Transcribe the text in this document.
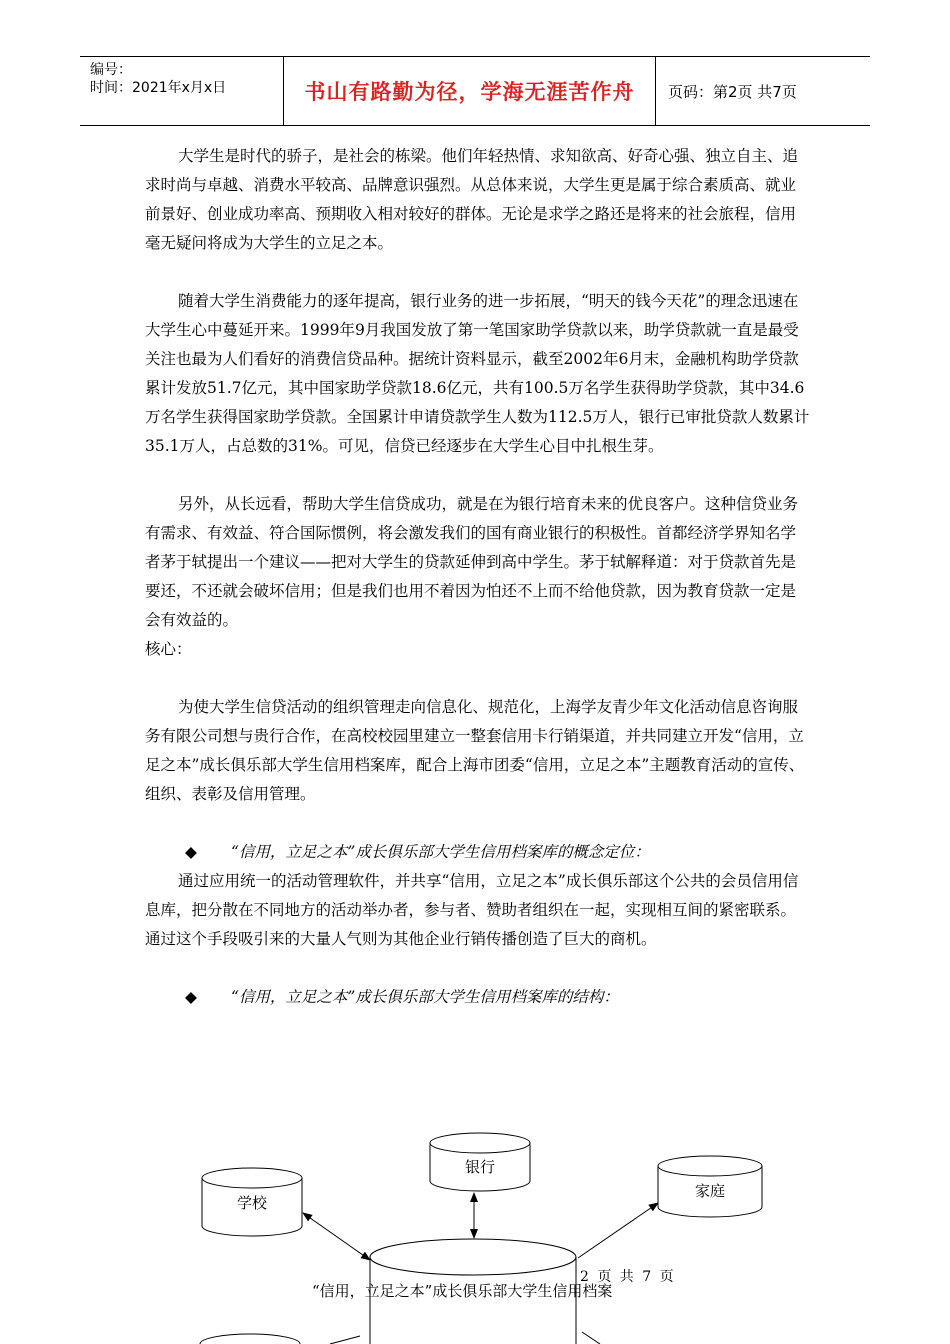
编号：
时间：2021年x月x日	书山有路勤为径，学海无涯苦作舟	页码：第2页 共7页

大学生是时代的骄子，是社会的栋梁。他们年轻热情、求知欲高、好奇心强、独立自主、追求时尚与卓越、消费水平较高、品牌意识强烈。从总体来说，大学生更是属于综合素质高、就业前景好、创业成功率高、预期收入相对较好的群体。无论是求学之路还是将来的社会旅程，信用毫无疑问将成为大学生的立足之本。

随着大学生消费能力的逐年提高，银行业务的进一步拓展，“明天的钱今天花”的理念迅速在大学生心中蔓延开来。1999年9月我国发放了第一笔国家助学贷款以来，助学贷款就一直是最受关注也最为人们看好的消费信贷品种。据统计资料显示，截至2002年6月末，金融机构助学贷款累计发放51.7亿元，其中国家助学贷款18.6亿元，共有100.5万名学生获得助学贷款，其中34.6万名学生获得国家助学贷款。全国累计申请贷款学生人数为112.5万人，银行已审批贷款人数累计35.1万人，占总数的31%。可见，信贷已经逐步在大学生心目中扎根生芽。

另外，从长远看，帮助大学生信贷成功，就是在为银行培育未来的优良客户。这种信贷业务有需求、有效益、符合国际惯例，将会激发我们的国有商业银行的积极性。首都经济学界知名学者茅于轼提出一个建议——把对大学生的贷款延伸到高中学生。茅于轼解释道：对于贷款首先是要还，不还就会破坏信用；但是我们也用不着因为怕还不上而不给他贷款，因为教育贷款一定是会有效益的。

核心：

为使大学生信贷活动的组织管理走向信息化、规范化，上海学友青少年文化活动信息咨询服务有限公司想与贵行合作，在高校校园里建立一整套信用卡行销渠道，并共同建立开发“信用，立足之本”成长俱乐部大学生信用档案库，配合上海市团委“信用，立足之本”主题教育活动的宣传、组织、表彰及信用管理。

◆ “信用，立足之本”成长俱乐部大学生信用档案库的概念定位：

通过应用统一的活动管理软件，并共享“信用，立足之本”成长俱乐部这个公共的会员信用信息库，把分散在不同地方的活动举办者，参与者、赞助者组织在一起，实现相互间的紧密联系。通过这个手段吸引来的大量人气则为其他企业行销传播创造了巨大的商机。

◆ “信用，立足之本”成长俱乐部大学生信用档案库的结构：

学校
银行
家庭
2 页 共 7 页
“信用，立足之本”成长俱乐部大学生信用档案
